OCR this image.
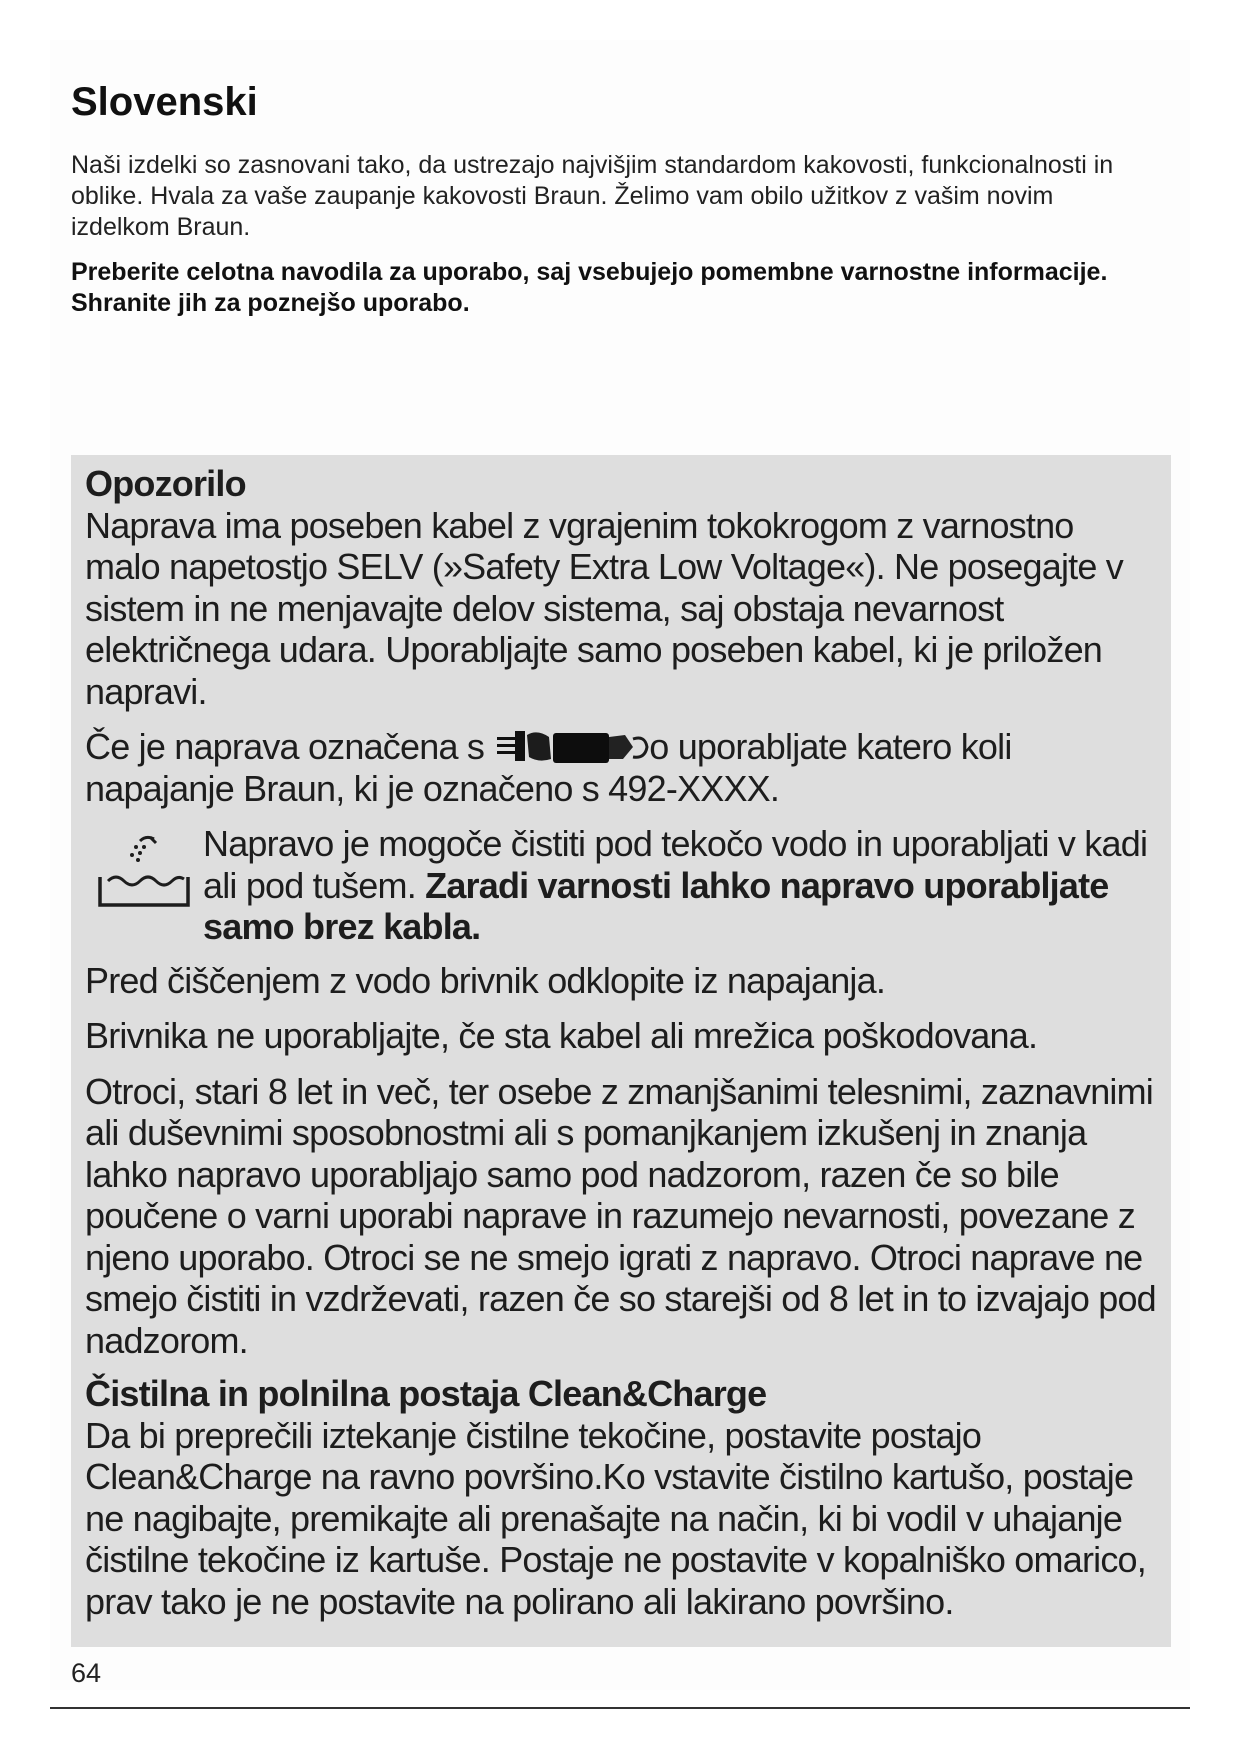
Slovenski

Naši izdelki so zasnovani tako, da ustrezajo najvišjim standardom kakovosti, funkcionalnosti in oblike. Hvala za vaše zaupanje kakovosti Braun. Želimo vam obilo užitkov z vašim novim izdelkom Braun.

Preberite celotna navodila za uporabo, saj vsebujejo pomembne varnostne informacije. Shranite jih za poznejšo uporabo.

Opozorilo

Naprava ima poseben kabel z vgrajenim tokokrogom z varnostno malo napetostjo SELV (»Safety Extra Low Voltage«). Ne posegajte v sistem in ne menjavajte delov sistema, saj obstaja nevarnost električnega udara. Uporabljajte samo poseben kabel, ki je priložen napravi.

Če je naprava označena s	o uporabljate katero koli napajanje Braun, ki je označeno s 492-XXXX.

Napravo je mogoče čistiti pod tekočo vodo in uporabljati v kadi ali pod tušem. Zaradi varnosti lahko napravo uporabljate samo brez kabla.

Pred čiščenjem z vodo brivnik odklopite iz napajanja.

Brivnika ne uporabljajte, če sta kabel ali mrežica poškodovana.

Otroci, stari 8 let in več, ter osebe z zmanjšanimi telesnimi, zaznavnimi ali duševnimi sposobnostmi ali s pomanjkanjem izkušenj in znanja lahko napravo uporabljajo samo pod nadzorom, razen če so bile poučene o varni uporabi naprave in razumejo nevarnosti, povezane z njeno uporabo. Otroci se ne smejo igrati z napravo. Otroci naprave ne smejo čistiti in vzdrževati, razen če so starejši od 8 let in to izvajajo pod nadzorom.

Čistilna in polnilna postaja Clean&Charge

Da bi preprečili iztekanje čistilne tekočine, postavite postajo Clean&Charge na ravno površino.Ko vstavite čistilno kartušo, postaje ne nagibajte, premikajte ali prenašajte na način, ki bi vodil v uhajanje čistilne tekočine iz kartuše. Postaje ne postavite v kopalniško omarico, prav tako je ne postavite na polirano ali lakirano površino.

64
